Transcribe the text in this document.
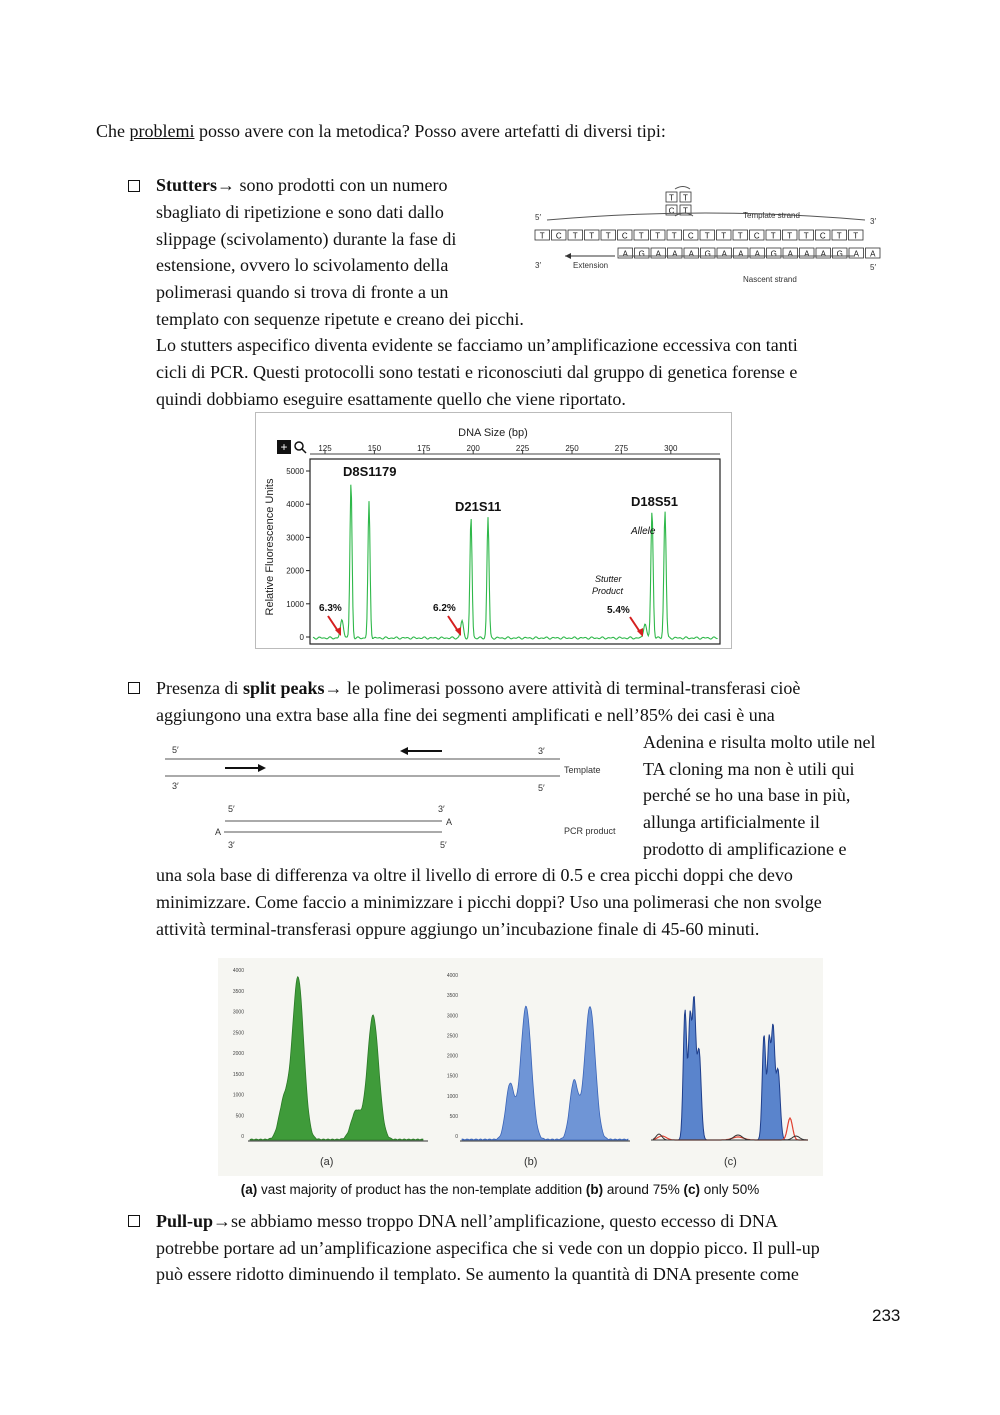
Che problemi posso avere con la metodica? Posso avere artefatti di diversi tipi:
Stutters→ sono prodotti con un numero
sbagliato di ripetizione e sono dati dallo
slippage (scivolamento) durante la fase di
estensione, ovvero lo scivolamento della
polimerasi quando si trova di fronte a un
templato con sequenze ripetute e creano dei picchi.
Lo stutters aspecifico diventa evidente se facciamo un’amplificazione eccessiva con tanti
cicli di PCR. Questi protocolli sono testati e riconosciuti dal gruppo di genetica forense e
quindi dobbiamo eseguire esattamente quello che viene riportato.
T T
C T
5′	3′
Template strand
T C T T T C T T T C T T T C T T T C T T
A G A A A G A A A G A A A G A A
3′	Extension	5′
Nascent strand
DNA Size (bp)
+	125	150	175	200	225	250	275	300
5000
4000
3000
2000
1000
0
Relative Fluorescence Units
D8S1179
D21S11	D18S51
Allele
Stutter
Product
6.3%	6.2%	5.4%
Presenza di split peaks→ le polimerasi possono avere attività di terminal-transferasi cioè
aggiungono una extra base alla fine dei segmenti amplificati e nell’85% dei casi è una
Adenina e risulta molto utile nel
TA cloning ma non è utili qui
perché se ho una base in più,
allunga artificialmente il
prodotto di amplificazione e
una sola base di differenza va oltre il livello di errore di 0.5 e crea picchi doppi che devo
minimizzare. Come faccio a minimizzare i picchi doppi? Uso una polimerasi che non svolge
attività terminal-transferasi oppure aggiungo un’incubazione finale di 45-60 minuti.
5′	3′
Template
3′	5′
5′	3′
A
PCR product
A
3′	5′
4000
3500
3000
2500
2000
1500
1000
500
0
4000
3500
3000
2500
2000
1500
1000
500
0
(a)	(b)	(c)
(a) vast majority of product has the non-template addition (b) around 75% (c) only 50%
Pull-up→se abbiamo messo troppo DNA nell’amplificazione, questo eccesso di DNA
potrebbe portare ad un’amplificazione aspecifica che si vede con un doppio picco. Il pull-up
può essere ridotto diminuendo il templato. Se aumento la quantità di DNA presente come
233
